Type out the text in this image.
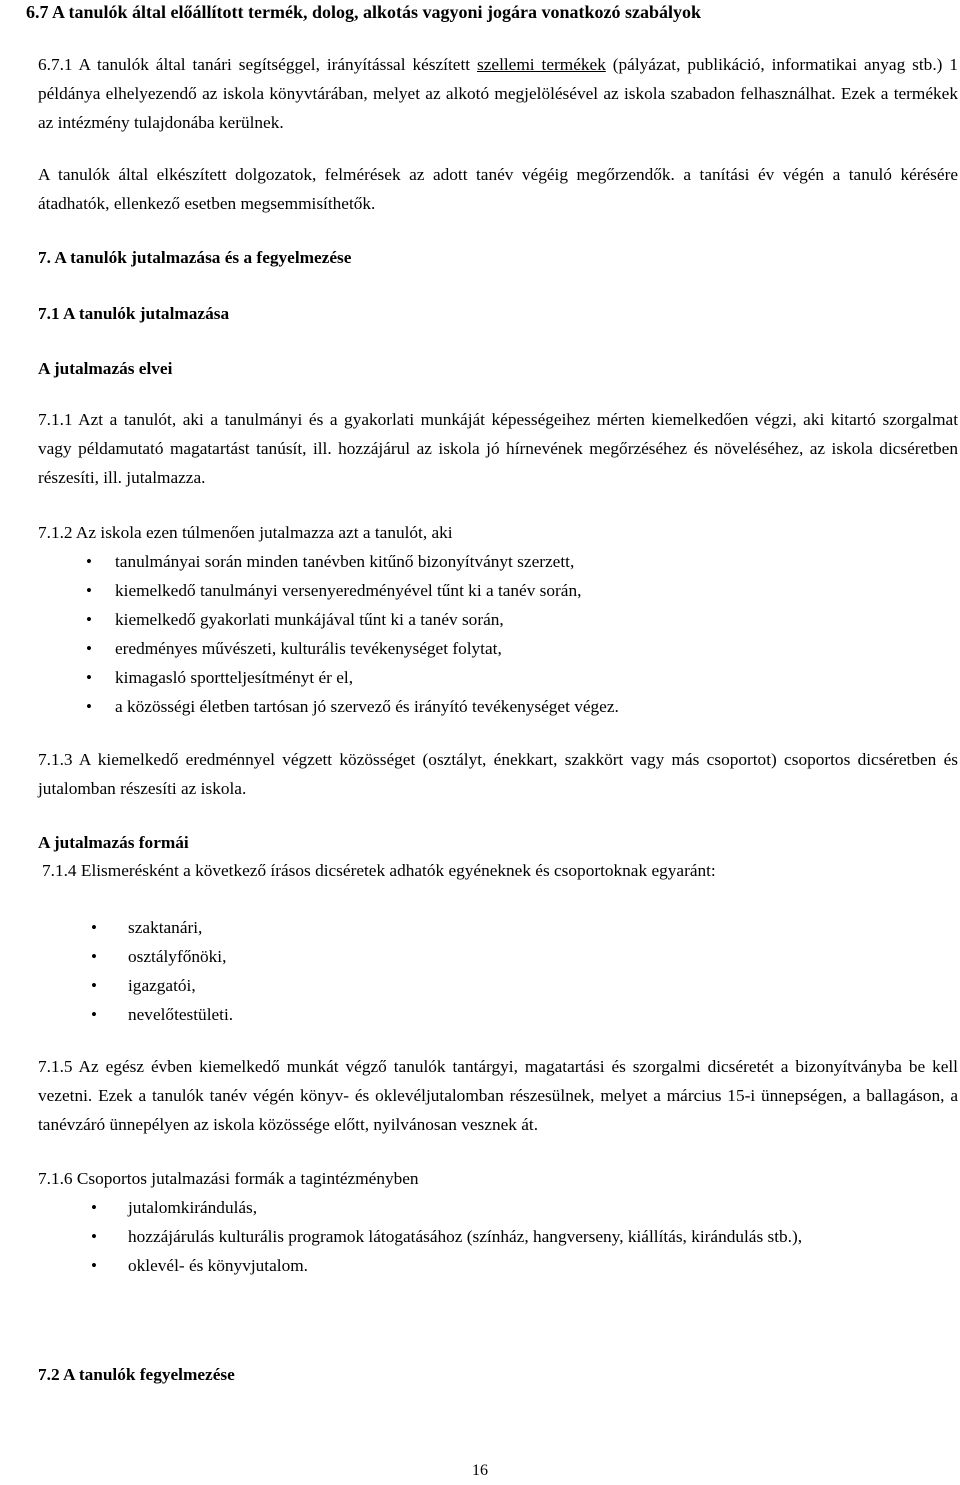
6.7 A tanulók által előállított termék, dolog, alkotás vagyoni jogára vonatkozó szabályok

6.7.1 A tanulók által tanári segítséggel, irányítással készített szellemi termékek (pályázat, publikáció, informatikai anyag stb.) 1 példánya elhelyezendő az iskola könyvtárában, melyet az alkotó megjelölésével az iskola szabadon felhasználhat. Ezek a termékek az intézmény tulajdonába kerülnek.

A tanulók által elkészített dolgozatok, felmérések az adott tanév végéig megőrzendők. a tanítási év végén a tanuló kérésére átadhatók, ellenkező esetben megsemmisíthetők.

7. A tanulók jutalmazása és a fegyelmezése
7.1 A tanulók jutalmazása
A jutalmazás elvei

7.1.1 Azt a tanulót, aki a tanulmányi és a gyakorlati munkáját képességeihez mérten kiemelkedően végzi, aki kitartó szorgalmat vagy példamutató magatartást tanúsít, ill. hozzájárul az iskola jó hírnevének megőrzéséhez és növeléséhez, az iskola dicséretben részesíti, ill. jutalmazza.

7.1.2 Az iskola ezen túlmenően jutalmazza azt a tanulót, aki

• tanulmányai során minden tanévben kitűnő bizonyítványt szerzett,
• kiemelkedő tanulmányi versenyeredményével tűnt ki a tanév során,
• kiemelkedő gyakorlati munkájával tűnt ki a tanév során,
• eredményes művészeti, kulturális tevékenységet folytat,
• kimagasló sportteljesítményt ér el,
• a közösségi életben tartósan jó szervező és irányító tevékenységet végez.

7.1.3 A kiemelkedő eredménnyel végzett közösséget (osztályt, énekkart, szakkört vagy más csoportot) csoportos dicséretben és jutalomban részesíti az iskola.

A jutalmazás formái

7.1.4 Elismerésként a következő írásos dicséretek adhatók egyéneknek és csoportoknak egyaránt:

• szaktanári,
• osztályfőnöki,
• igazgatói,
• nevelőtestületi.

7.1.5 Az egész évben kiemelkedő munkát végző tanulók tantárgyi, magatartási és szorgalmi dicséretét a bizonyítványba be kell vezetni. Ezek a tanulók tanév végén könyv- és oklevéljutalomban részesülnek, melyet a március 15-i ünnepségen, a ballagáson, a tanévzáró ünnepélyen az iskola közössége előtt, nyilvánosan vesznek át.

7.1.6 Csoportos jutalmazási formák a tagintézményben

• jutalomkirándulás,
• hozzájárulás kulturális programok látogatásához (színház, hangverseny, kiállítás, kirándulás stb.),
• oklevél- és könyvjutalom.
7.2 A tanulók fegyelmezése
16
